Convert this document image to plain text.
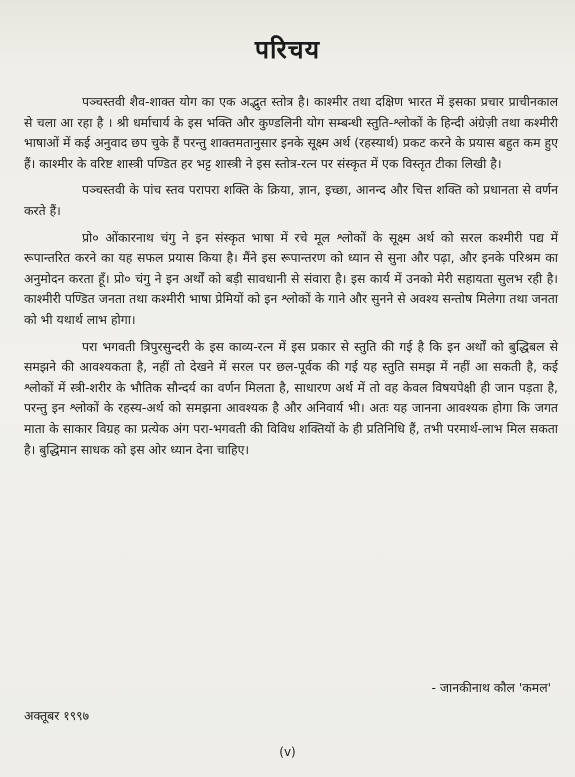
परिचय

पञ्चस्तवी शैव-शाक्त योग का एक अद्भुत स्तोत्र है। काश्मीर तथा दक्षिण भारत में इसका प्रचार प्राचीनकाल से चला आ रहा है । श्री धर्माचार्य के इस भक्ति और कुण्डलिनी योग सम्बन्धी स्तुति-श्लोकों के हिन्दी अंग्रेज़ी तथा कश्मीरी भाषाओं में कई अनुवाद छप चुके हैं परन्तु शाक्तमतानुसार इनके सूक्ष्म अर्थ (रहस्यार्थ) प्रकट करने के प्रयास बहुत कम हुए हैं। काश्मीर के वरिष्ट शास्त्री पण्डित हर भट्ट शास्त्री ने इस स्तोत्र-रत्न पर संस्कृत में एक विस्तृत टीका लिखी है।

पञ्चस्तवी के पांच स्तव परापरा शक्ति के क्रिया, ज्ञान, इच्छा, आनन्द और चित्त शक्ति को प्रधानता से वर्णन करते हैं।

प्रो० ओंकारनाथ चंगु ने इन संस्कृत भाषा में रचे मूल श्लोकों के सूक्ष्म अर्थ को सरल कश्मीरी पद्य में रूपान्तरित करने का यह सफल प्रयास किया है। मैंने इस रूपान्तरण को ध्यान से सुना और पढ़ा, और इनके परिश्रम का अनुमोदन करता हूँ। प्रो० चंगु ने इन अर्थों को बड़ी सावधानी से संवारा है। इस कार्य में उनको मेरी सहायता सुलभ रही है। काश्मीरी पण्डित जनता तथा कश्मीरी भाषा प्रेमियों को इन श्लोकों के गाने और सुनने से अवश्य सन्तोष मिलेगा तथा जनता को भी यथार्थ लाभ होगा।

परा भगवती त्रिपुरसुन्दरी के इस काव्य-रत्न में इस प्रकार से स्तुति की गई है कि इन अर्थों को बुद्धिबल से समझने की आवश्यकता है, नहीं तो देखने में सरल पर छल-पूर्वक की गई यह स्तुति समझ में नहीं आ सकती है, कई श्लोकों में स्त्री-शरीर के भौतिक सौन्दर्य का वर्णन मिलता है, साधारण अर्थ में तो वह केवल विषयपेक्षी ही जान पड़ता है, परन्तु इन श्लोकों के रहस्य-अर्थ को समझना आवश्यक है और अनिवार्य भी। अतः यह जानना आवश्यक होगा कि जगत माता के साकार विग्रह का प्रत्येक अंग परा-भगवती की विविध शक्तियों के ही प्रतिनिधि हैं, तभी परमार्थ-लाभ मिल सकता है। बुद्धिमान साधक को इस ओर ध्यान देना चाहिए।

- जानकीनाथ कौल 'कमल'
अक्तूबर १९९७
(v)
